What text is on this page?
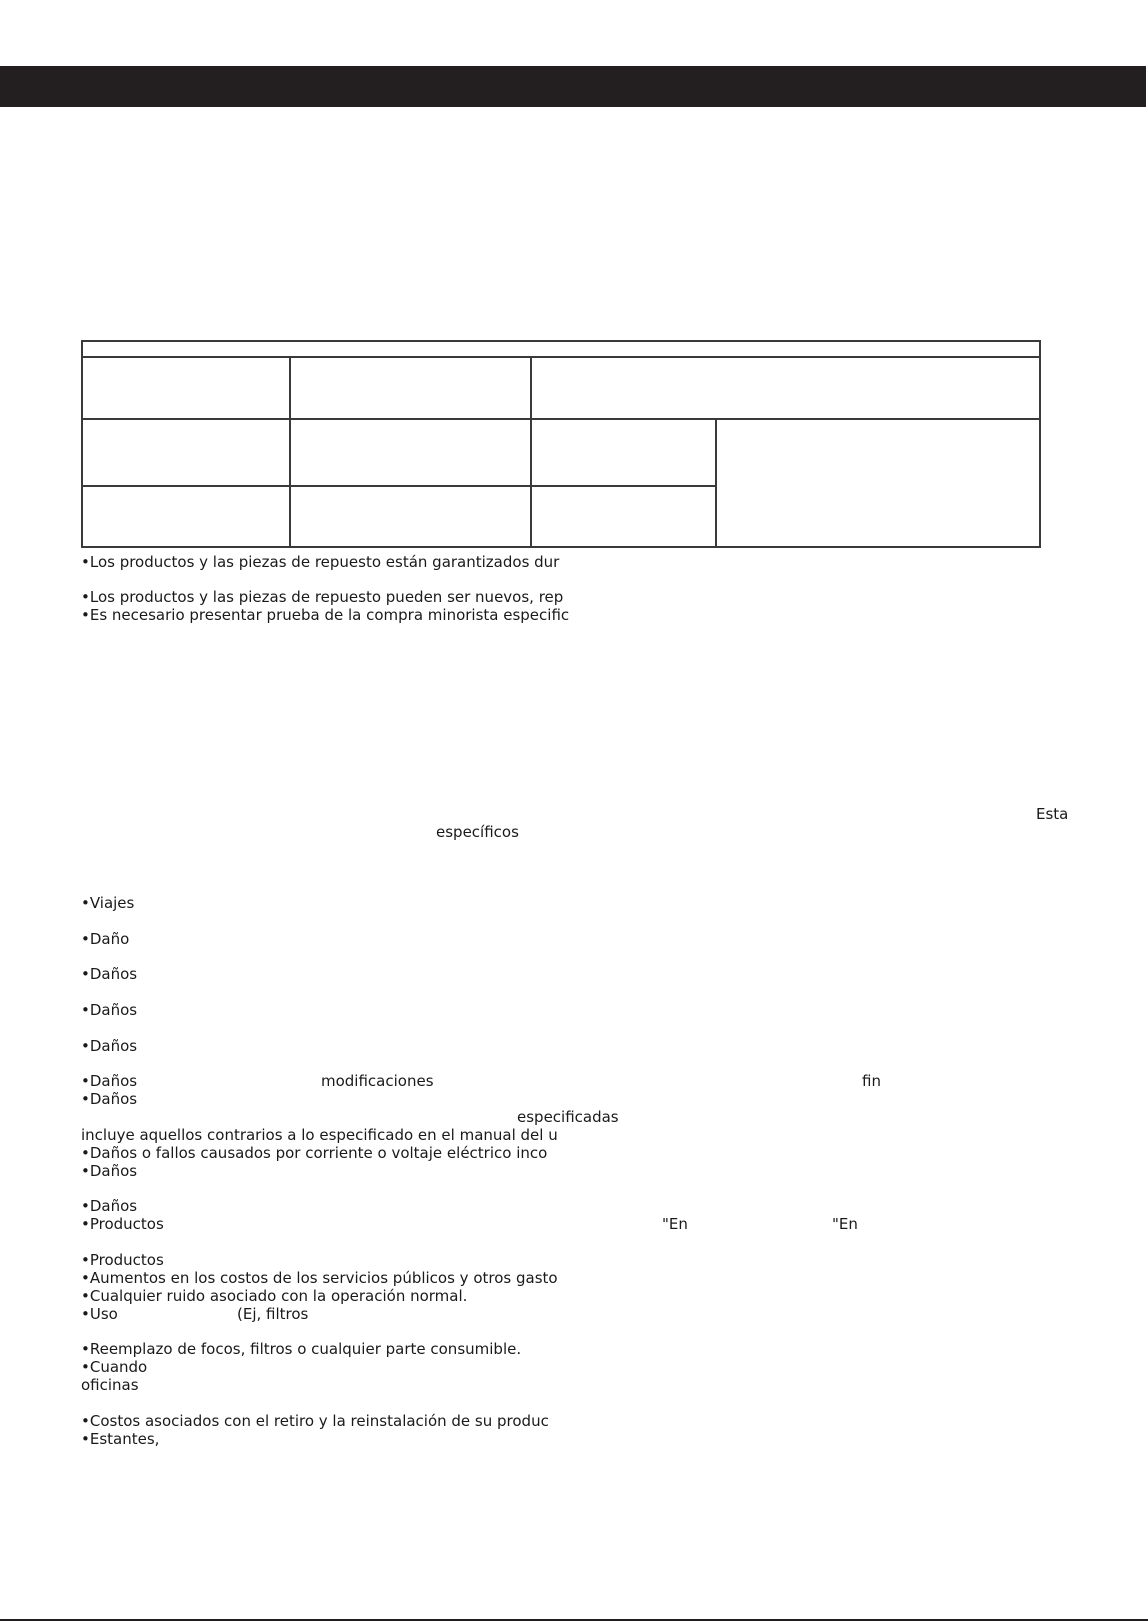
•Los productos y las piezas de repuesto están garantizados dur
•Los productos y las piezas de repuesto pueden ser nuevos, rep
•Es necesario presentar prueba de la compra minorista especific
Esta
específicos
•Viajes
•Daño
•Daños
•Daños
•Daños
•Daños	modificaciones	fin
•Daños
especificadas
incluye aquellos contrarios a lo especificado en el manual del u
•Daños o fallos causados por corriente o voltaje eléctrico inco
•Daños
•Daños
•Productos	"En	"En
•Productos
•Aumentos en los costos de los servicios públicos y otros gasto
•Cualquier ruido asociado con la operación normal.
•Uso	(Ej, filtros
•Reemplazo de focos, filtros o cualquier parte consumible.
•Cuando
oficinas
•Costos asociados con el retiro y la reinstalación de su produc
•Estantes,
